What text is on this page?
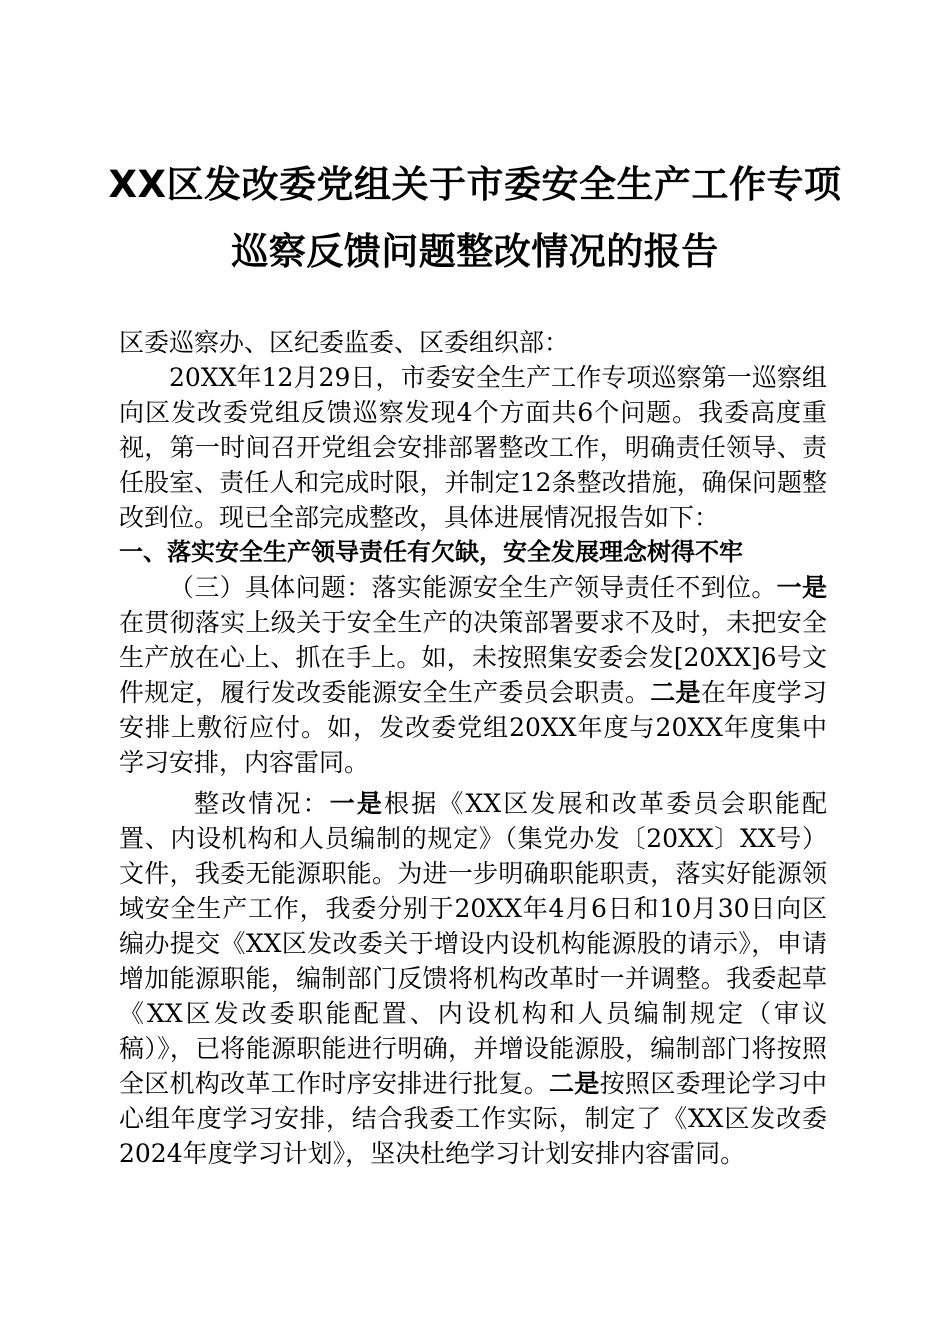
XX区发改委党组关于市委安全生产工作专项
巡察反馈问题整改情况的报告

区委巡察办、区纪委监委、区委组织部：

20XX年12月29日，市委安全生产工作专项巡察第一巡察组向区发改委党组反馈巡察发现4个方面共6个问题。我委高度重视，第一时间召开党组会安排部署整改工作，明确责任领导、责任股室、责任人和完成时限，并制定12条整改措施，确保问题整改到位。现已全部完成整改，具体进展情况报告如下：

一、落实安全生产领导责任有欠缺，安全发展理念树得不牢

（三）具体问题：落实能源安全生产领导责任不到位。一是在贯彻落实上级关于安全生产的决策部署要求不及时，未把安全生产放在心上、抓在手上。如，未按照集安委会发[20XX]6号文件规定，履行发改委能源安全生产委员会职责。二是在年度学习安排上敷衍应付。如，发改委党组20XX年度与20XX年度集中学习安排，内容雷同。

整改情况：一是根据《XX区发展和改革委员会职能配置、内设机构和人员编制的规定》（集党办发〔20XX〕XX号）文件，我委无能源职能。为进一步明确职能职责，落实好能源领域安全生产工作，我委分别于20XX年4月6日和10月30日向区编办提交《XX区发改委关于增设内设机构能源股的请示》，申请增加能源职能，编制部门反馈将机构改革时一并调整。我委起草《XX区发改委职能配置、内设机构和人员编制规定（审议稿）》，已将能源职能进行明确，并增设能源股，编制部门将按照全区机构改革工作时序安排进行批复。二是按照区委理论学习中心组年度学习安排，结合我委工作实际，制定了《XX区发改委2024年度学习计划》，坚决杜绝学习计划安排内容雷同。
